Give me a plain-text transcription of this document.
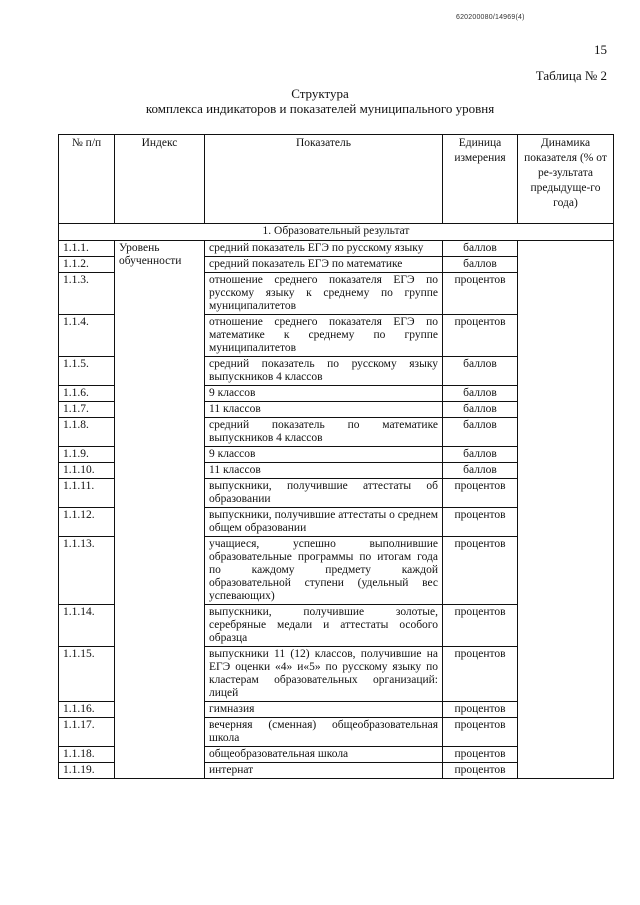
620200080/14969(4)
15
Таблица № 2
Структура
комплекса индикаторов и показателей муниципального уровня
№ п/п	Индекс	Показатель	Единица измерения	Динамика показателя (% от ре-зультата предыдуще-го года)
1. Образовательный результат				
1.1.1.	Уровень обученности	средний показатель ЕГЭ по русскому языку	баллов	
1.1.2.		средний показатель ЕГЭ по математике	баллов	
1.1.3.		отношение среднего показателя ЕГЭ по русскому языку к среднему по группе муниципалитетов	процентов	
1.1.4.		отношение среднего показателя ЕГЭ по математике к среднему по группе муниципалитетов	процентов	
1.1.5.		средний показатель по русскому языку выпускников 4 классов	баллов	
1.1.6.		9 классов	баллов	
1.1.7.		11 классов	баллов	
1.1.8.		средний показатель по математике выпускников 4 классов	баллов	
1.1.9.		9 классов	баллов	
1.1.10.		11 классов	баллов	
1.1.11.		выпускники, получившие аттестаты об образовании	процентов	
1.1.12.		выпускники, получившие аттестаты о среднем общем образовании	процентов	
1.1.13.		учащиеся, успешно выполнившие образовательные программы по итогам года по каждому предмету каждой образовательной ступени (удельный вес успевающих)	процентов	
1.1.14.		выпускники, получившие золотые, серебряные медали и аттестаты особого образца	процентов	
1.1.15.		выпускники 11 (12) классов, получившие на ЕГЭ оценки «4» и«5» по русскому языку по кластерам образовательных организаций: лицей	процентов	
1.1.16.		гимназия	процентов	
1.1.17.		вечерняя (сменная) общеобразовательная школа	процентов	
1.1.18.		общеобразовательная школа	процентов	
1.1.19.		интернат	процентов	
